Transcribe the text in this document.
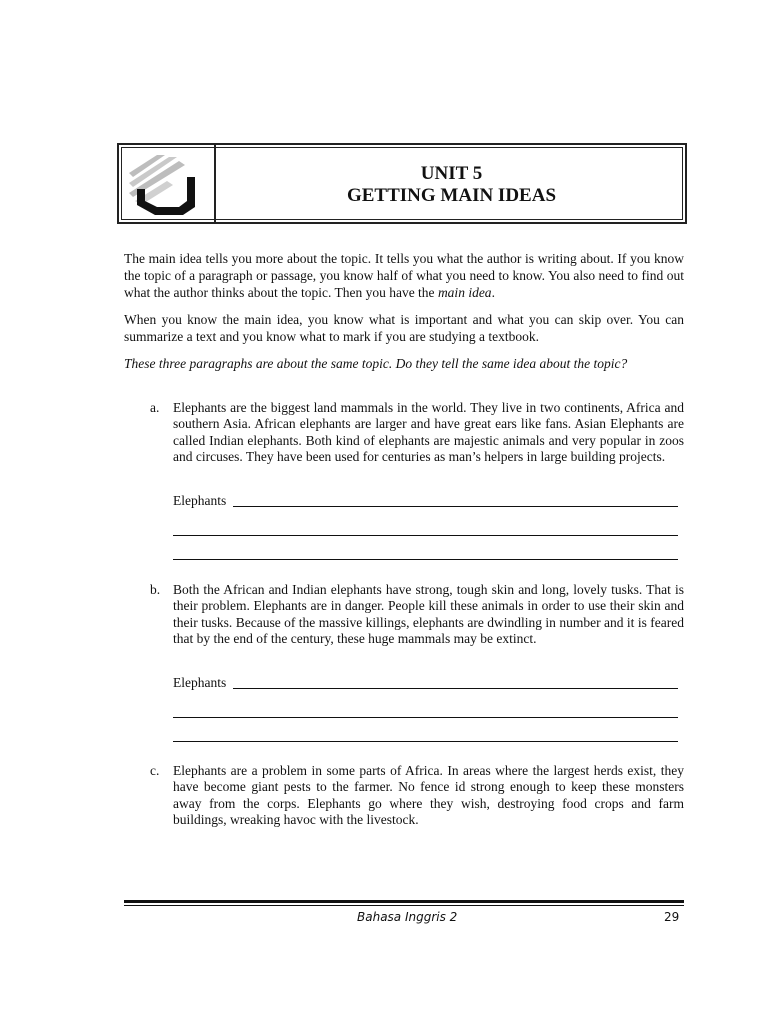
UNIT 5
GETTING MAIN IDEAS

The main idea tells you more about the topic. It tells you what the author is writing about. If you know the topic of a paragraph or passage, you know half of what you need to know. You also need to find out what the author thinks about the topic. Then you have the main idea.

When you know the main idea, you know what is important and what you can skip over. You can summarize a text and you know what to mark if you are studying a textbook.

These three paragraphs are about the same topic. Do they tell the same idea about the topic?

a.	Elephants are the biggest land mammals in the world. They live in two continents, Africa and southern Asia. African elephants are larger and have great ears like fans. Asian Elephants are called Indian elephants. Both kind of elephants are majestic animals and very popular in zoos and circuses. They have been used for centuries as man’s helpers in large building projects.
Elephants
b. Both the African and Indian elephants have strong, tough skin and long, lovely tusks. That is their problem. Elephants are in danger. People kill these animals in order to use their skin and their tusks. Because of the massive killings, elephants are dwindling in number and it is feared that by the end of the century, these huge mammals may be extinct.
Elephants
c.	Elephants are a problem in some parts of Africa. In areas where the largest herds exist, they have become giant pests to the farmer. No fence id strong enough to keep these monsters away from the corps. Elephants go where they wish, destroying food crops and farm buildings, wreaking havoc with the livestock.
Bahasa Inggris 2	29
